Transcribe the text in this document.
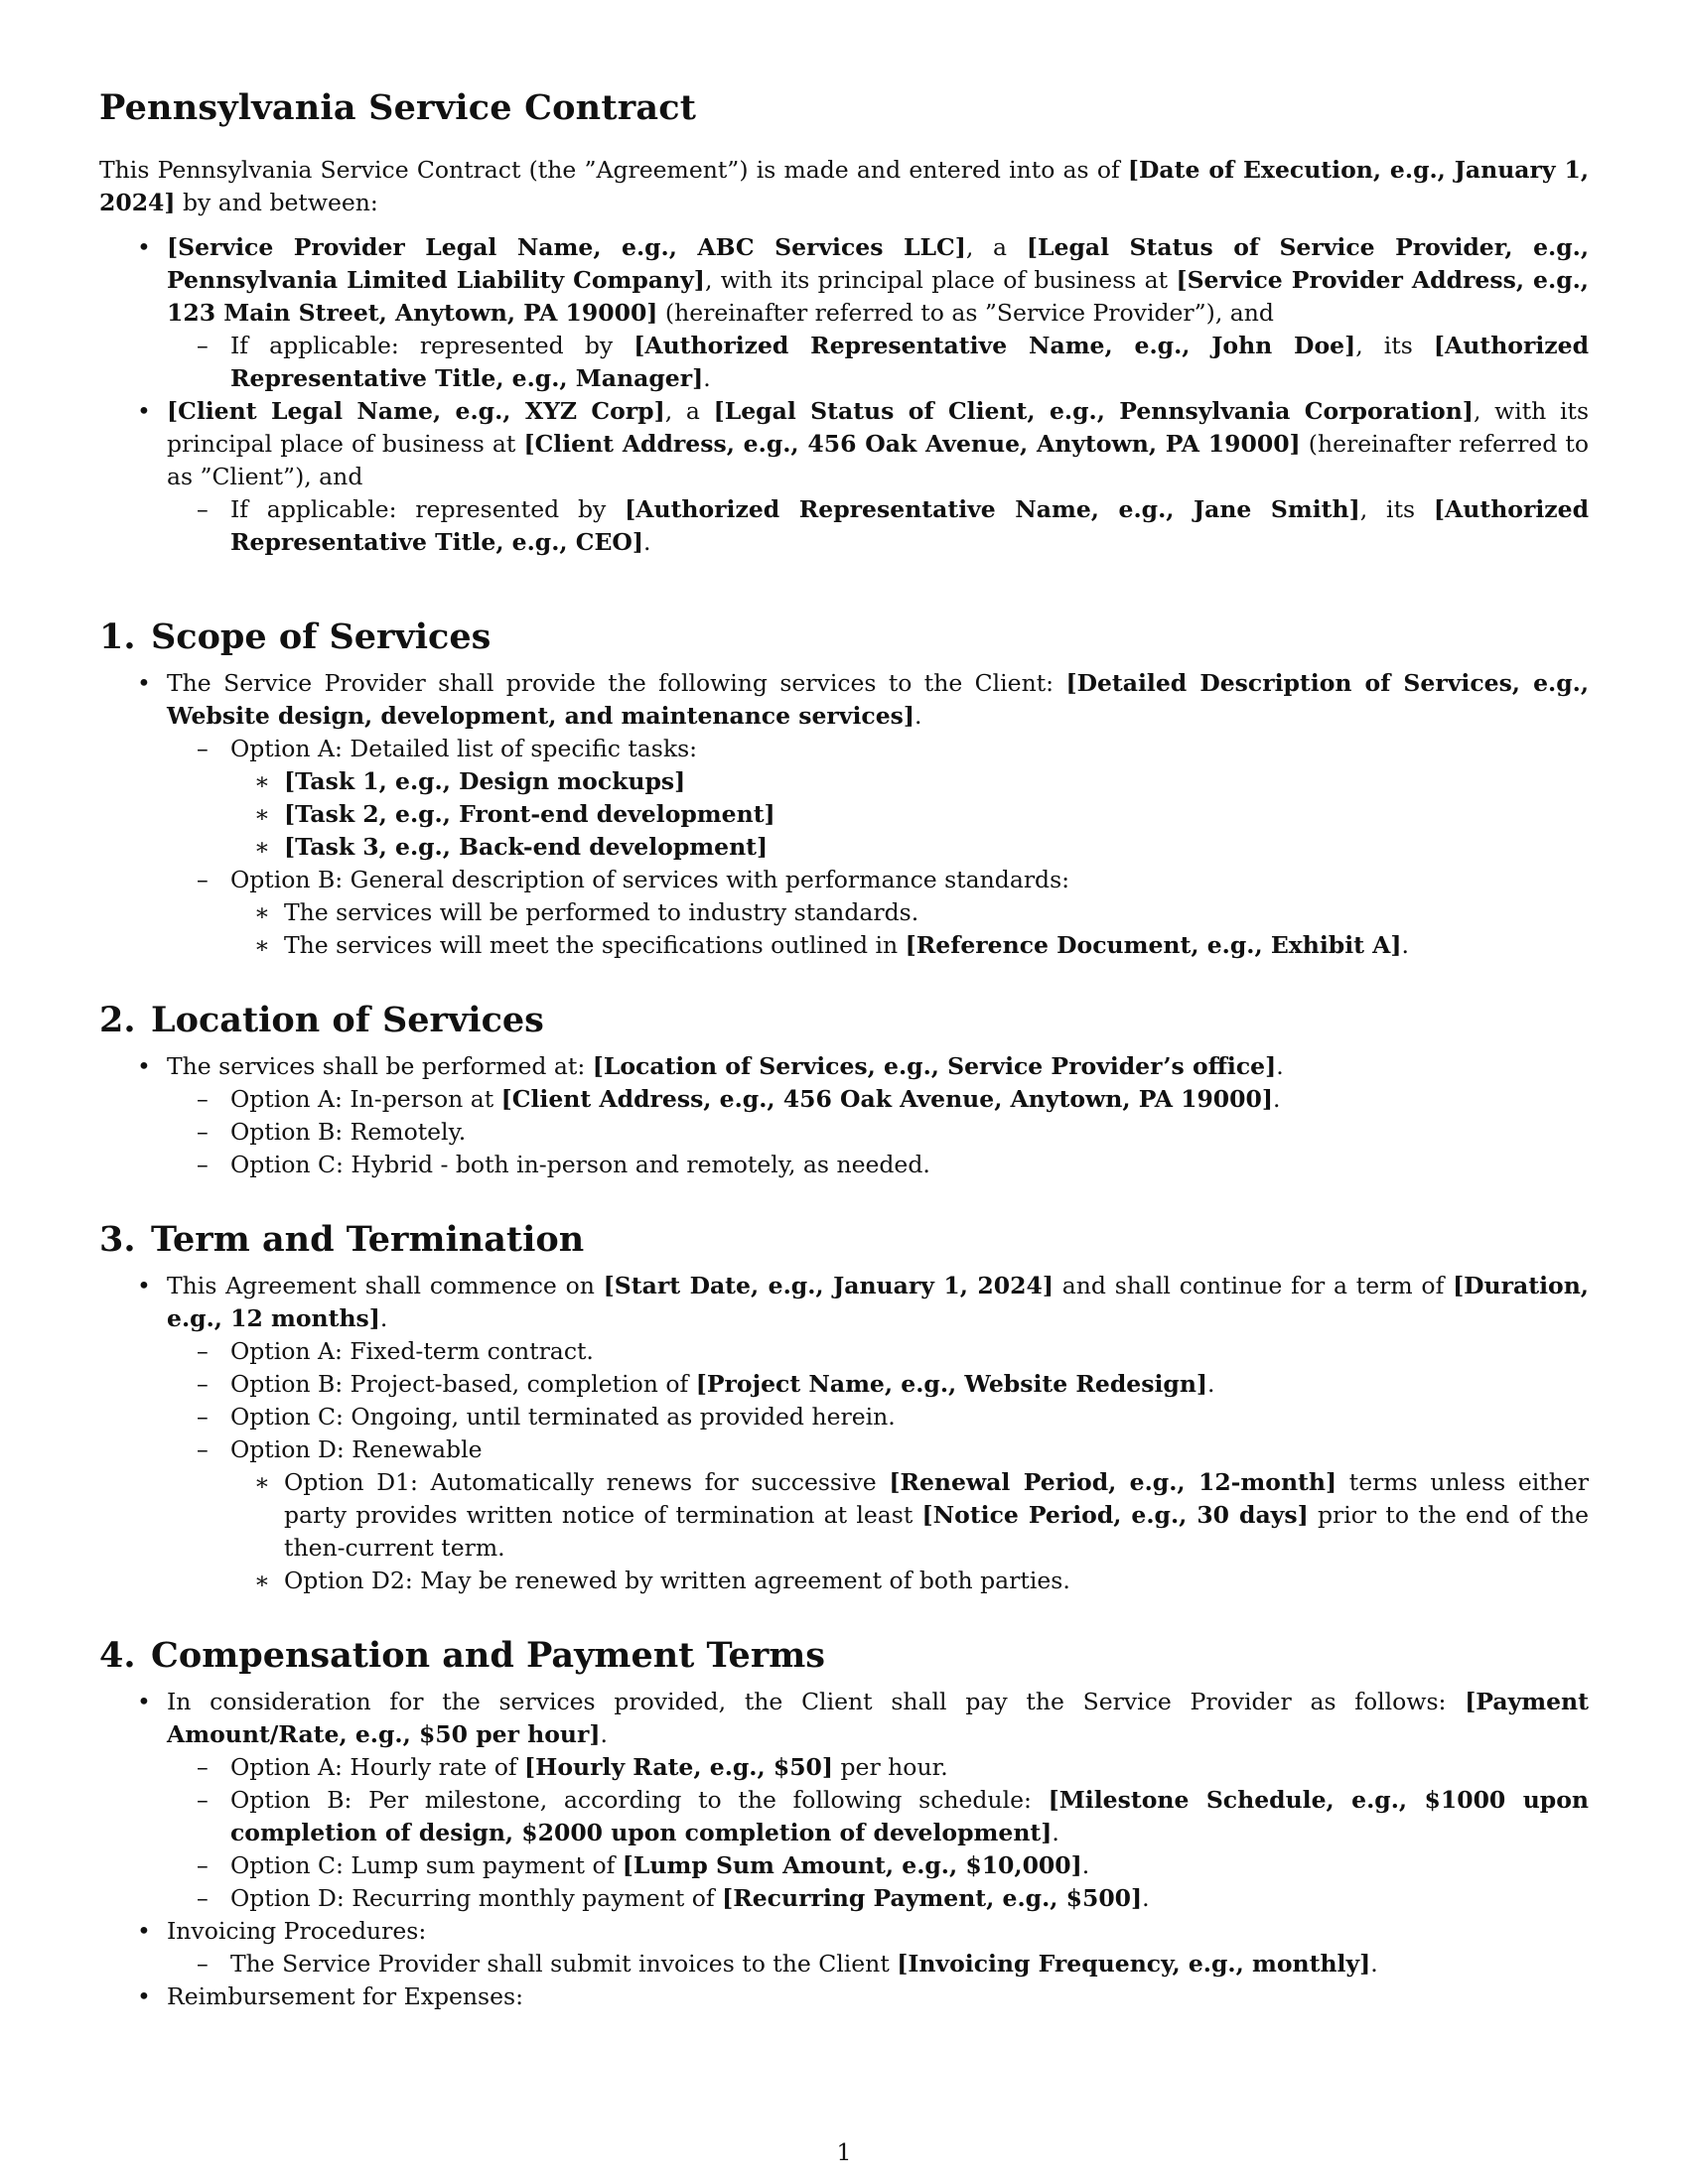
Pennsylvania Service Contract

This Pennsylvania Service Contract (the ”Agreement”) is made and entered into as of [Date of Execution, e.g., January 1, 2024] by and between:

• [Service Provider Legal Name, e.g., ABC Services LLC], a [Legal Status of Service Provider, e.g., Pennsylvania Limited Liability Company], with its principal place of business at [Service Provider Address, e.g., 123 Main Street, Anytown, PA 19000] (hereinafter referred to as ”Service Provider”), and
– If applicable: represented by [Authorized Representative Name, e.g., John Doe], its [Authorized Representative Title, e.g., Manager].
• [Client Legal Name, e.g., XYZ Corp], a [Legal Status of Client, e.g., Pennsylvania Corporation], with its principal place of business at [Client Address, e.g., 456 Oak Avenue, Anytown, PA 19000] (hereinafter referred to as ”Client”), and
– If applicable: represented by [Authorized Representative Name, e.g., Jane Smith], its [Authorized Representative Title, e.g., CEO].
1. Scope of Services
• The Service Provider shall provide the following services to the Client: [Detailed Description of Services, e.g., Website design, development, and maintenance services].
– Option A: Detailed list of specific tasks:
∗ [Task 1, e.g., Design mockups]
∗ [Task 2, e.g., Front-end development]
∗ [Task 3, e.g., Back-end development]
– Option B: General description of services with performance standards:
∗ The services will be performed to industry standards.
∗ The services will meet the specifications outlined in [Reference Document, e.g., Exhibit A].
2. Location of Services
• The services shall be performed at: [Location of Services, e.g., Service Provider’s office].
– Option A: In-person at [Client Address, e.g., 456 Oak Avenue, Anytown, PA 19000].
– Option B: Remotely.
– Option C: Hybrid - both in-person and remotely, as needed.
3. Term and Termination
• This Agreement shall commence on [Start Date, e.g., January 1, 2024] and shall continue for a term of [Duration, e.g., 12 months].
– Option A: Fixed-term contract.
– Option B: Project-based, completion of [Project Name, e.g., Website Redesign].
– Option C: Ongoing, until terminated as provided herein.
– Option D: Renewable
∗ Option D1: Automatically renews for successive [Renewal Period, e.g., 12-month] terms unless either party provides written notice of termination at least [Notice Period, e.g., 30 days] prior to the end of the then-current term.
∗ Option D2: May be renewed by written agreement of both parties.
4. Compensation and Payment Terms
• In consideration for the services provided, the Client shall pay the Service Provider as follows: [Payment Amount/Rate, e.g., $50 per hour].
– Option A: Hourly rate of [Hourly Rate, e.g., $50] per hour.
– Option B: Per milestone, according to the following schedule: [Milestone Schedule, e.g., $1000 upon completion of design, $2000 upon completion of development].
– Option C: Lump sum payment of [Lump Sum Amount, e.g., $10,000].
– Option D: Recurring monthly payment of [Recurring Payment, e.g., $500].
• Invoicing Procedures:
– The Service Provider shall submit invoices to the Client [Invoicing Frequency, e.g., monthly].
• Reimbursement for Expenses:
1
